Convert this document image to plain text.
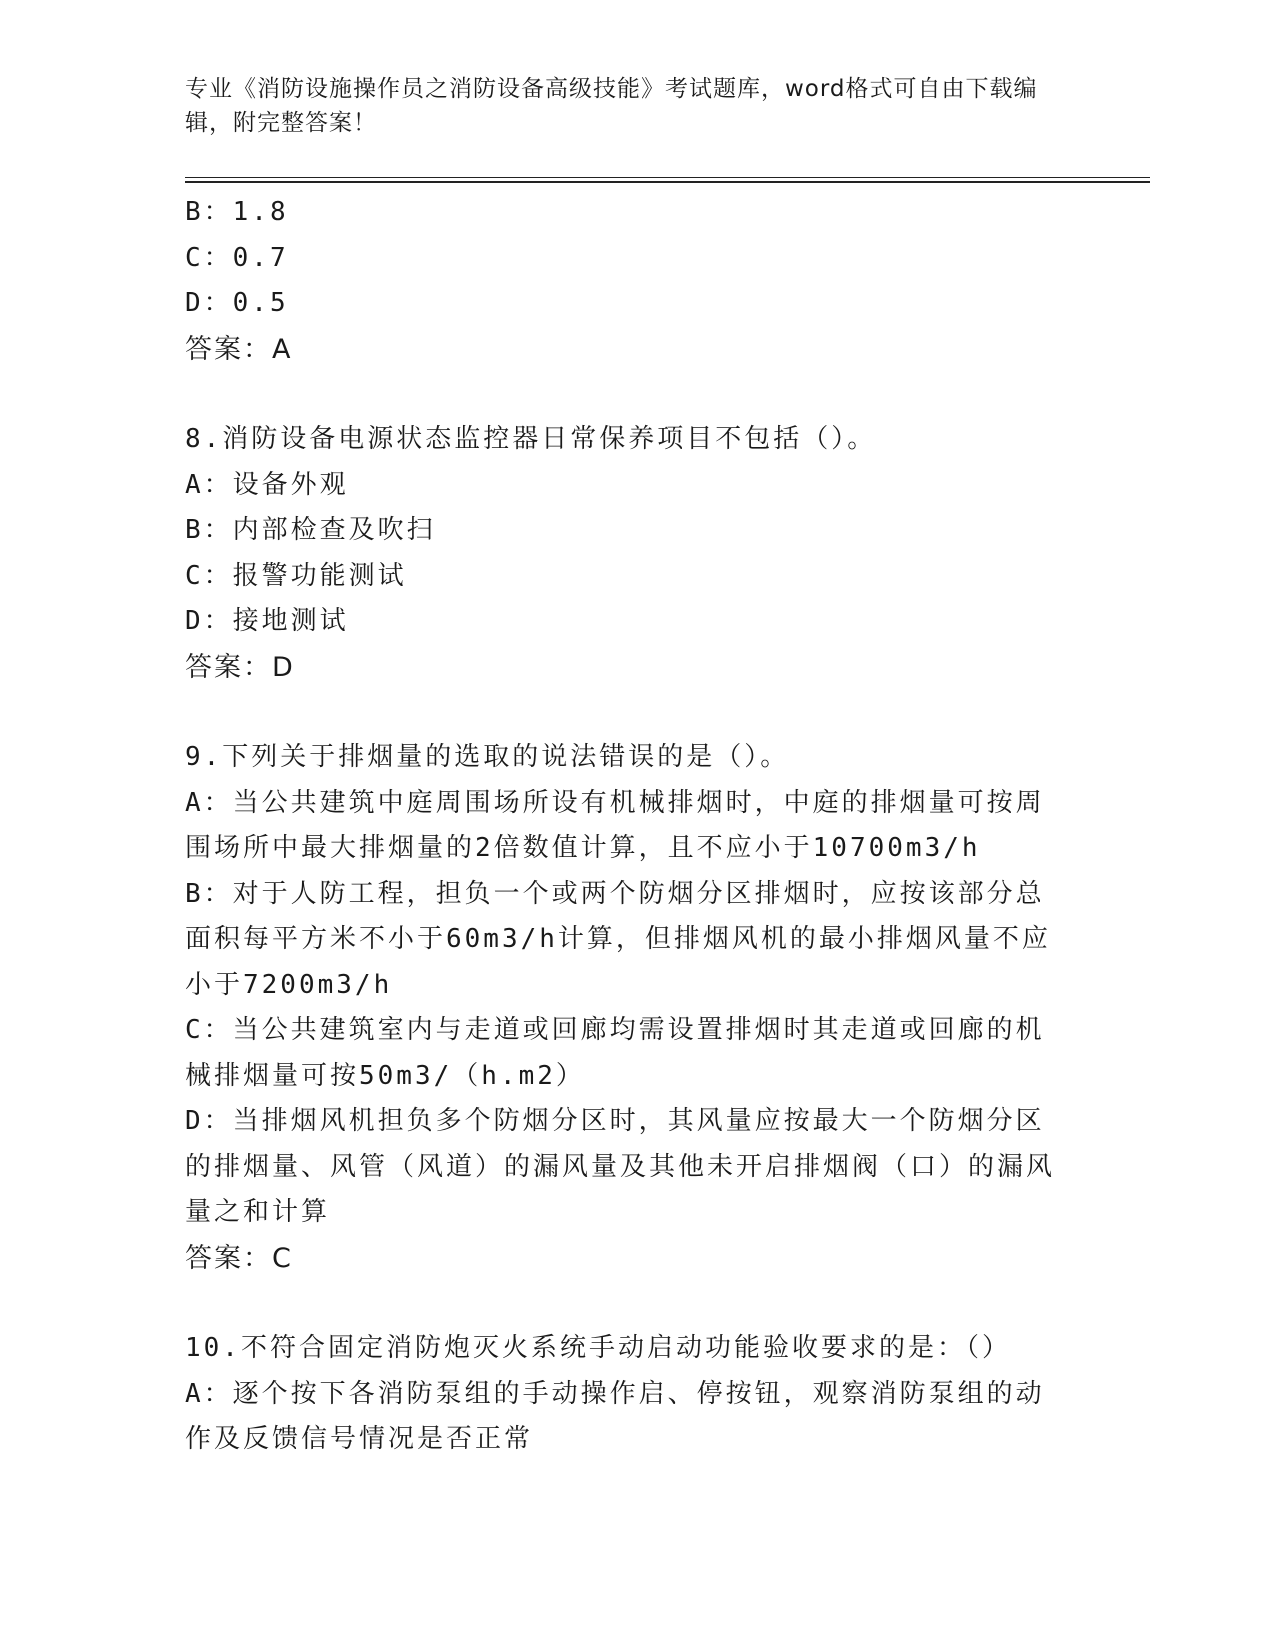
专业《消防设施操作员之消防设备高级技能》考试题库，word格式可自由下载编辑，附完整答案！

B：1.8

C：0.7

D：0.5

答案：A

8.消防设备电源状态监控器日常保养项目不包括（）。

A：设备外观

B：内部检查及吹扫

C：报警功能测试

D：接地测试

答案：D

9.下列关于排烟量的选取的说法错误的是（）。

A：当公共建筑中庭周围场所设有机械排烟时，中庭的排烟量可按周围场所中最大排烟量的2倍数值计算，且不应小于10700m3/h

B：对于人防工程，担负一个或两个防烟分区排烟时，应按该部分总面积每平方米不小于60m3/h计算，但排烟风机的最小排烟风量不应小于7200m3/h

C：当公共建筑室内与走道或回廊均需设置排烟时其走道或回廊的机械排烟量可按50m3/（h.m2）

D：当排烟风机担负多个防烟分区时，其风量应按最大一个防烟分区的排烟量、风管（风道）的漏风量及其他未开启排烟阀（口）的漏风量之和计算

答案：C

10.不符合固定消防炮灭火系统手动启动功能验收要求的是：（）

A：逐个按下各消防泵组的手动操作启、停按钮，观察消防泵组的动作及反馈信号情况是否正常
